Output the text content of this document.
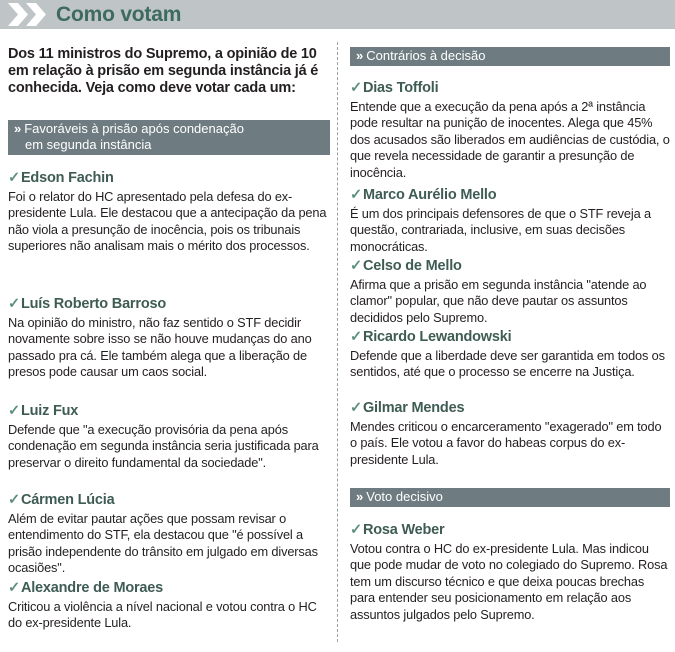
Como votam
Dos 11 ministros do Supremo, a opinião de 10 em relação à prisão em segunda instância já é conhecida. Veja como deve votar cada um:
» Favoráveis à prisão após condenação
em segunda instância
✓Edson Fachin
Foi o relator do HC apresentado pela defesa do ex-presidente Lula. Ele destacou que a antecipação da pena não viola a presunção de inocência, pois os tribunais superiores não analisam mais o mérito dos processos.
✓Luís Roberto Barroso
Na opinião do ministro, não faz sentido o STF decidir novamente sobre isso se não houve mudanças do ano passado pra cá. Ele também alega que a liberação de presos pode causar um caos social.
✓Luiz Fux
Defende que "a execução provisória da pena após condenação em segunda instância seria justificada para preservar o direito fundamental da sociedade".
✓Cármen Lúcia
Além de evitar pautar ações que possam revisar o entendimento do STF, ela destacou que "é possível a prisão independente do trânsito em julgado em diversas ocasiões".
✓Alexandre de Moraes
Criticou a violência a nível nacional e votou contra o HC do ex-presidente Lula.
» Contrários à decisão
✓Dias Toffoli
Entende que a execução da pena após a 2ª instância pode resultar na punição de inocentes. Alega que 45% dos acusados são liberados em audiências de custódia, o que revela necessidade de garantir a presunção de inocência.
✓Marco Aurélio Mello
É um dos principais defensores de que o STF reveja a questão, contrariada, inclusive, em suas decisões monocráticas.
✓Celso de Mello
Afirma que a prisão em segunda instância "atende ao clamor" popular, que não deve pautar os assuntos decididos pelo Supremo.
✓Ricardo Lewandowski
Defende que a liberdade deve ser garantida em todos os sentidos, até que o processo se encerre na Justiça.
✓Gilmar Mendes
Mendes criticou o encarceramento "exagerado" em todo o país. Ele votou a favor do habeas corpus do ex-presidente Lula.
» Voto decisivo
✓Rosa Weber
Votou contra o HC do ex-presidente Lula. Mas indicou que pode mudar de voto no colegiado do Supremo. Rosa tem um discurso técnico e que deixa poucas brechas para entender seu posicionamento em relação aos assuntos julgados pelo Supremo.
